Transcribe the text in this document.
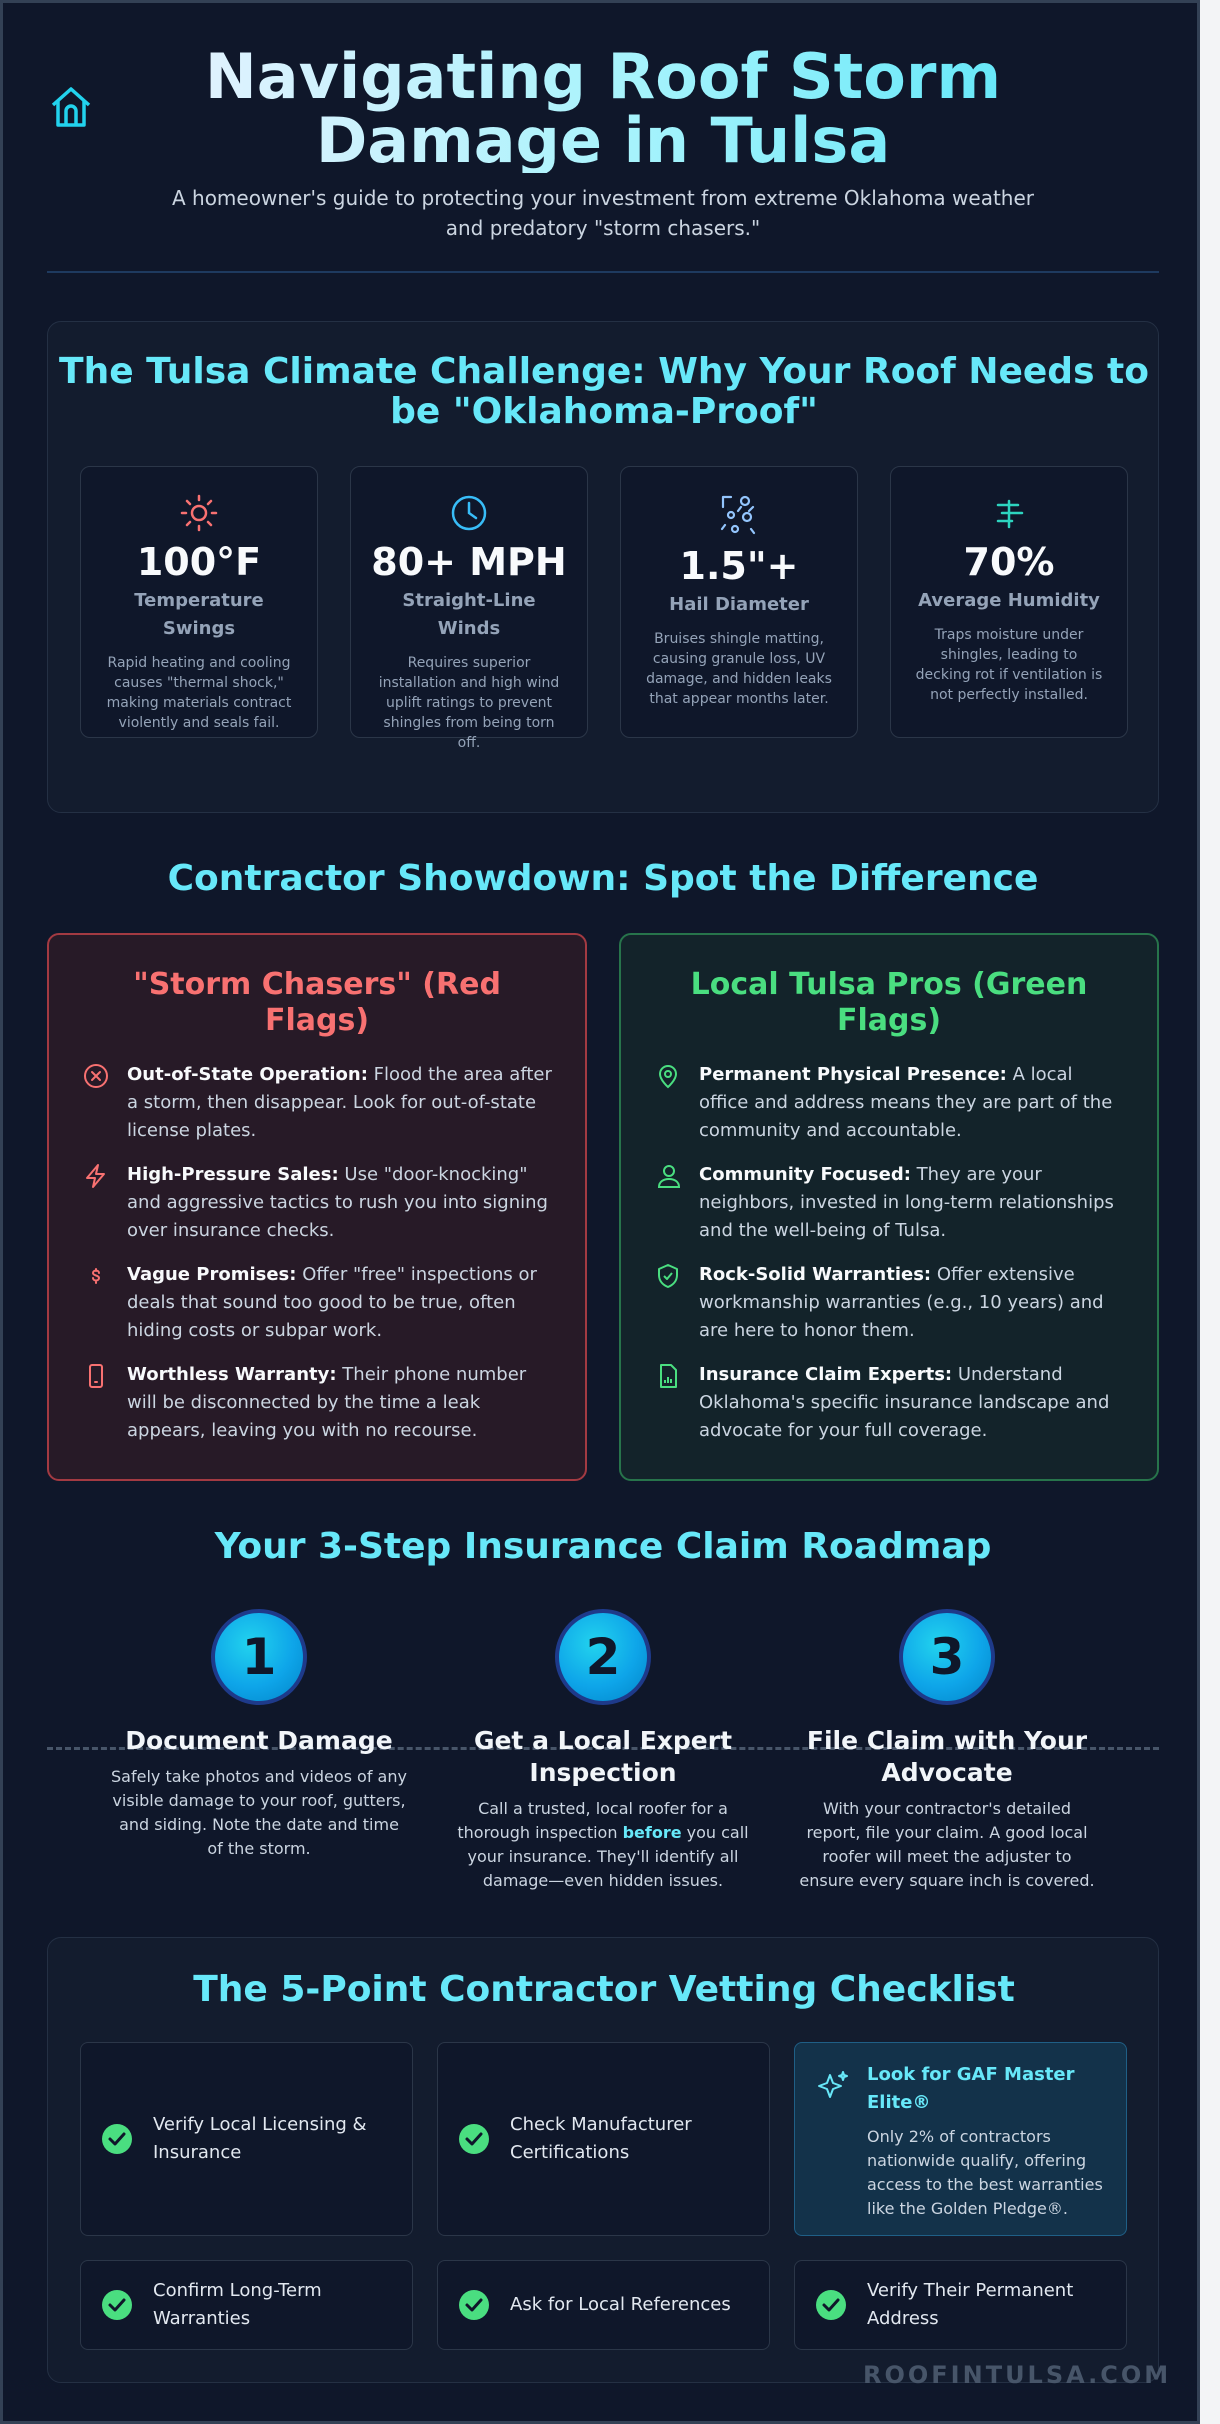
Navigating Roof Storm Damage in Tulsa

A homeowner's guide to protecting your investment from extreme Oklahoma weather and predatory "storm chasers."

The Tulsa Climate Challenge: Why Your Roof Needs to be "Oklahoma-Proof"
100°F
Temperature Swings
Rapid heating and cooling causes "thermal shock," making materials contract violently and seals fail.
80+ MPH
Straight-Line Winds
Requires superior installation and high wind uplift ratings to prevent shingles from being torn off.
1.5"+
Hail Diameter
Bruises shingle matting, causing granule loss, UV damage, and hidden leaks that appear months later.
70%
Average Humidity
Traps moisture under shingles, leading to decking rot if ventilation is not perfectly installed.
Contractor Showdown: Spot the Difference
"Storm Chasers" (Red Flags)
Out-of-State Operation: Flood the area after a storm, then disappear. Look for out-of-state license plates.
High-Pressure Sales: Use "door-knocking" and aggressive tactics to rush you into signing over insurance checks.
Vague Promises: Offer "free" inspections or deals that sound too good to be true, often hiding costs or subpar work.
Worthless Warranty: Their phone number will be disconnected by the time a leak appears, leaving you with no recourse.
Local Tulsa Pros (Green Flags)
Permanent Physical Presence: A local office and address means they are part of the community and accountable.
Community Focused: They are your neighbors, invested in long-term relationships and the well-being of Tulsa.
Rock-Solid Warranties: Offer extensive workmanship warranties (e.g., 10 years) and are here to honor them.
Insurance Claim Experts: Understand Oklahoma's specific insurance landscape and advocate for your full coverage.
Your 3-Step Insurance Claim Roadmap
1
Document Damage
Safely take photos and videos of any visible damage to your roof, gutters, and siding. Note the date and time of the storm.
2
Get a Local Expert Inspection
Call a trusted, local roofer for a thorough inspection before you call your insurance. They'll identify all damage—even hidden issues.
3
File Claim with Your Advocate
With your contractor's detailed report, file your claim. A good local roofer will meet the adjuster to ensure every square inch is covered.
The 5-Point Contractor Vetting Checklist
Verify Local Licensing & Insurance
Check Manufacturer Certifications
Look for GAF Master Elite®
Only 2% of contractors nationwide qualify, offering access to the best warranties like the Golden Pledge®.
Confirm Long-Term Warranties
Ask for Local References
Verify Their Permanent Address
ROOFINTULSA.COM
